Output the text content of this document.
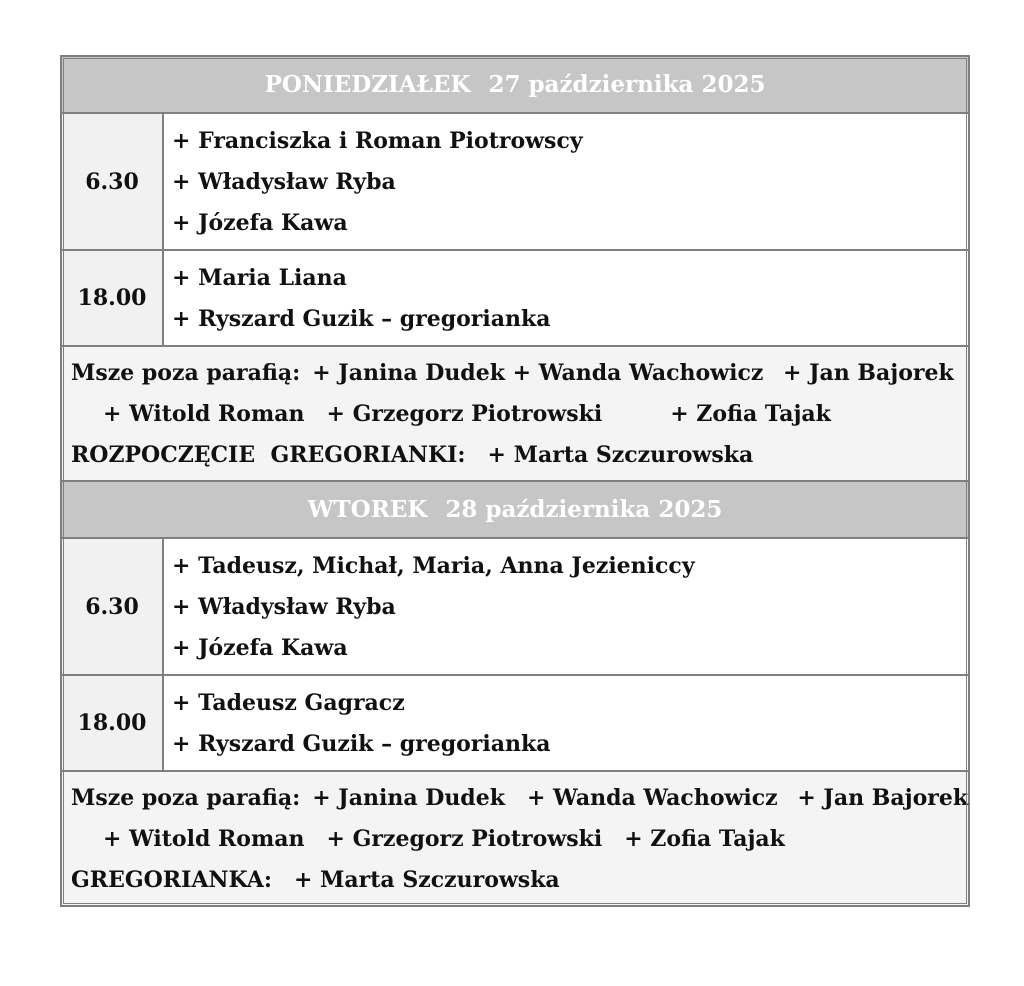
PONIEDZIAŁEK 27 października 2025	
6.30	+ Franciszka i Roman Piotrowscy
+ Władysław Ryba
+ Józefa Kawa

18.00	+ Maria Liana
+ Ryszard Guzik – gregorianka

Msze poza parafią: + Janina Dudek + Wanda Wachowicz + Jan Bajorek
+ Witold Roman + Grzegorz Piotrowski + Zofia Tajak
ROZPOCZĘCIE  GREGORIANKI: + Marta Szczurowska	

WTOREK 28 października 2025	
6.30	+ Tadeusz, Michał, Maria, Anna Jezieniccy
+ Władysław Ryba
+ Józefa Kawa

18.00	+ Tadeusz Gagracz
+ Ryszard Guzik – gregorianka

Msze poza parafią: + Janina Dudek + Wanda Wachowicz + Jan Bajorek
+ Witold Roman + Grzegorz Piotrowski + Zofia Tajak
GREGORIANKA: + Marta Szczurowska	
